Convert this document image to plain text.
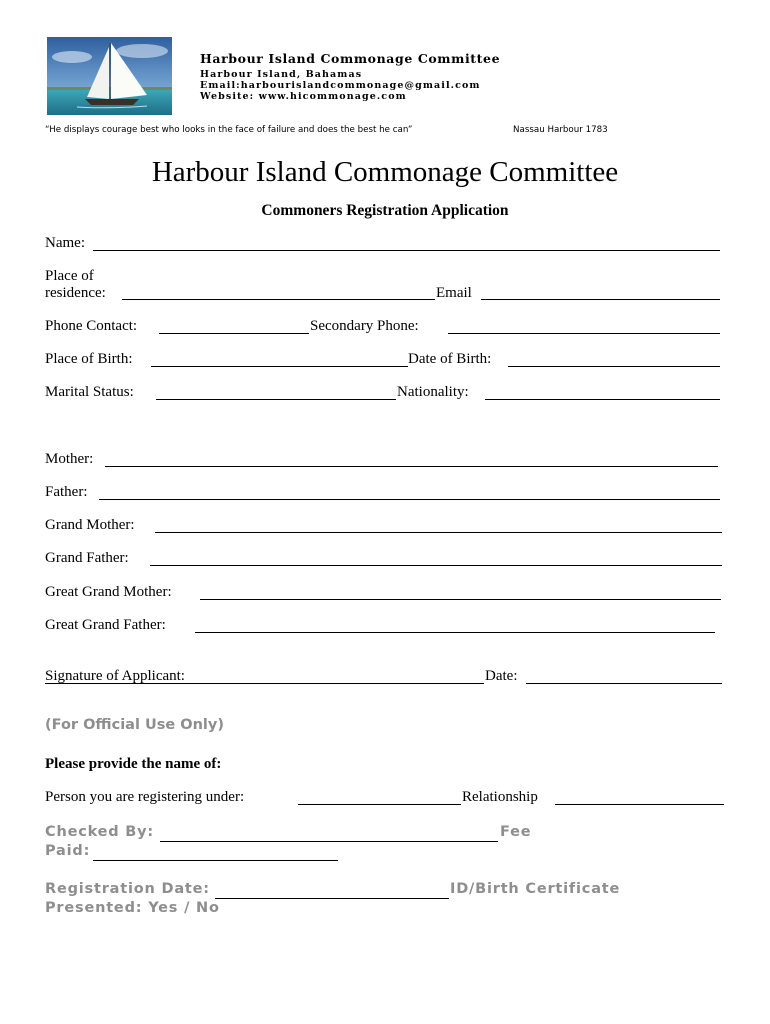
Harbour Island Commonage Committee
Harbour Island, Bahamas
Email:harbourislandcommonage@gmail.com
Website: www.hicommonage.com
“He displays courage best who looks in the face of failure and does the best he can”	Nassau Harbour 1783
Harbour Island Commonage Committee
Commoners Registration Application
Name:
Place of
residence:	Email
Phone Contact:	Secondary Phone:
Place of Birth:	Date of Birth:
Marital Status:	Nationality:
Mother:
Father:
Grand Mother:
Grand Father:
Great Grand Mother:
Great Grand Father:
Signature of Applicant:	Date:
(For Official Use Only)
Please provide the name of:
Person you are registering under:	Relationship
Checked By:	Fee
Paid:
Registration Date:	ID/Birth Certificate
Presented: Yes / No
